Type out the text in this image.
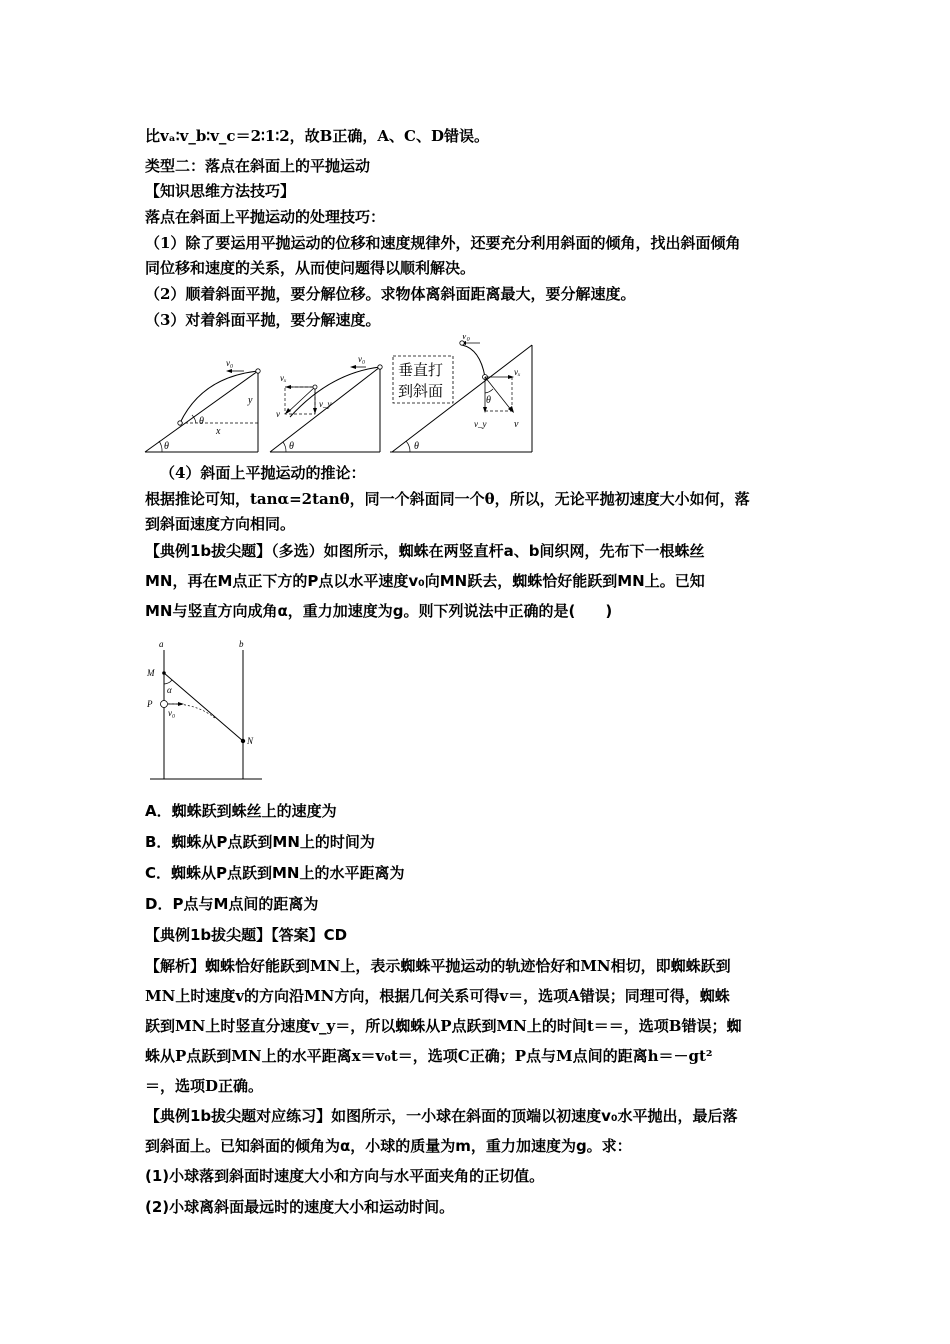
比vₐ∶v_b∶v_c＝2∶1∶2，故B正确，A、C、D错误。
类型二：落点在斜面上的平抛运动
【知识思维方法技巧】
落点在斜面上平抛运动的处理技巧：
（1）除了要运用平抛运动的位移和速度规律外，还要充分利用斜面的倾角，找出斜面倾角
同位移和速度的关系，从而使问题得以顺利解决。
（2）顺着斜面平抛，要分解位移。求物体离斜面距离最大，要分解速度。
（3）对着斜面平抛，要分解速度。
v₀
θ
θ
x
y
v₀
vₓ
v_y
v
θ
垂直打
到斜面
v₀
vₓ
θ
v_y	v
θ
（4）斜面上平抛运动的推论：
根据推论可知，tanα=2tanθ，同一个斜面同一个θ，所以，无论平抛初速度大小如何，落
到斜面速度方向相同。
【典例1b拔尖题】（多选）如图所示，蜘蛛在两竖直杆a、b间织网，先布下一根蛛丝
MN，再在M点正下方的P点以水平速度v₀向MN跃去，蜘蛛恰好能跃到MN上。已知
MN与竖直方向成角α，重力加速度为g。则下列说法中正确的是(　　)
a	b
M
P
N
α
v₀
A．蜘蛛跃到蛛丝上的速度为
B．蜘蛛从P点跃到MN上的时间为
C．蜘蛛从P点跃到MN上的水平距离为
D．P点与M点间的距离为
【典例1b拔尖题】【答案】CD
【解析】蜘蛛恰好能跃到MN上，表示蜘蛛平抛运动的轨迹恰好和MN相切，即蜘蛛跃到
MN上时速度v的方向沿MN方向，根据几何关系可得v＝，选项A错误；同理可得，蜘蛛
跃到MN上时竖直分速度v_y＝，所以蜘蛛从P点跃到MN上的时间t＝＝，选项B错误；蜘
蛛从P点跃到MN上的水平距离x＝v₀t＝，选项C正确；P点与M点间的距离h＝－gt²
＝，选项D正确。
【典例1b拔尖题对应练习】如图所示，一小球在斜面的顶端以初速度v₀水平抛出，最后落
到斜面上。已知斜面的倾角为α，小球的质量为m，重力加速度为g。求：
(1)小球落到斜面时速度大小和方向与水平面夹角的正切值。
(2)小球离斜面最远时的速度大小和运动时间。
